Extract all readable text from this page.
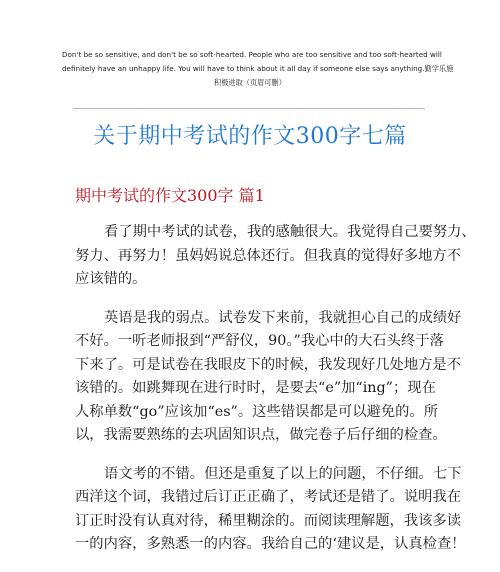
Don't be so sensitive, and don't be so soft-hearted. People who are too sensitive and too soft-hearted will
definitely have an unhappy life. You will have to think about it all day if someone else says anything.勤学乐施
积极进取（页眉可删）
关于期中考试的作文300字七篇
期中考试的作文300字 篇1

看了期中考试的试卷，我的感触很大。我觉得自己要努力、
努力、再努力！虽妈妈说总体还行。但我真的觉得好多地方不
应该错的。

英语是我的弱点。试卷发下来前，我就担心自己的成绩好
不好。一听老师报到“严舒仪，90。”我心中的大石头终于落
下来了。可是试卷在我眼皮下的时候，我发现好几处地方是不
该错的。如跳舞现在进行时时，是要去“e”加“ing”；现在
人称单数“go”应该加“es”。这些错误都是可以避免的。所
以，我需要熟练的去巩固知识点，做完卷子后仔细的检查。

语文考的不错。但还是重复了以上的问题，不仔细。七下
西洋这个词，我错过后订正正确了，考试还是错了。说明我在
订正时没有认真对待，稀里糊涂的。而阅读理解题，我该多读
一的内容，多熟悉一的内容。我给自己的‘建议是，认真检查！
